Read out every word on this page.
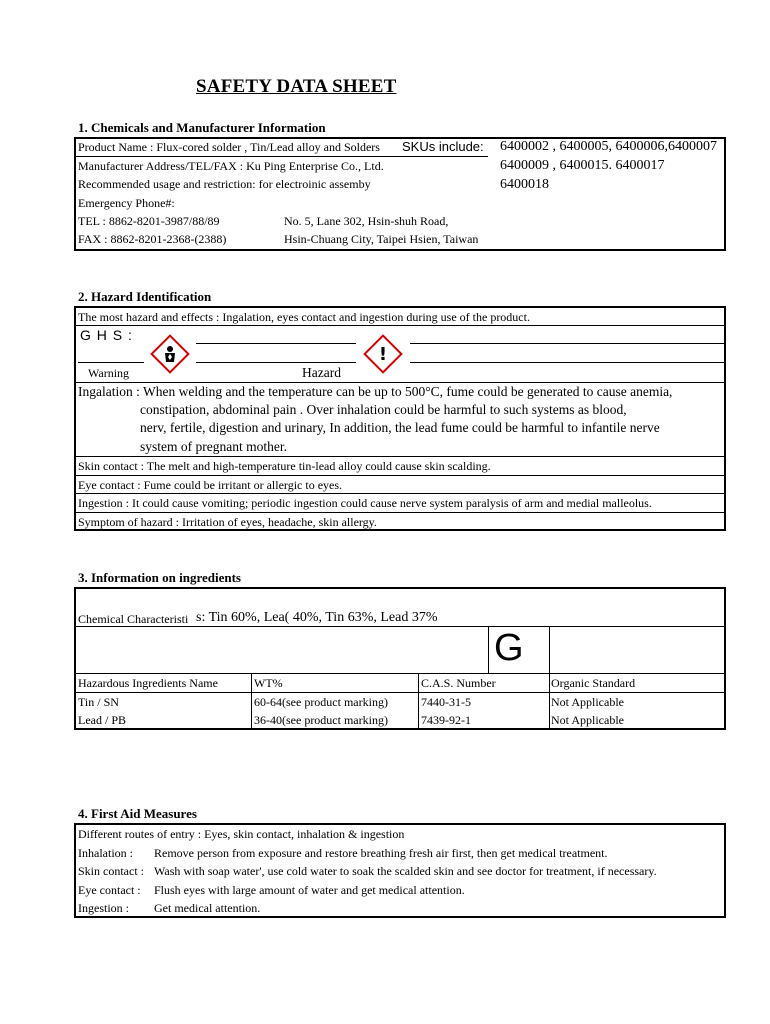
SAFETY DATA SHEET
1. Chemicals and Manufacturer Information
Product Name : Flux-cored solder , Tin/Lead alloy and Solders SKUs include: 6400002 , 6400005, 6400006,6400007
6400009 , 6400015. 6400017
6400018
Manufacturer Address/TEL/FAX : Ku Ping Enterprise Co., Ltd.
Recommended usage and restriction: for electroinic assemby
Emergency Phone#:
TEL : 8862-8201-3987/88/89
FAX : 8862-8201-2368-(2388)
No. 5, Lane 302, Hsin-shuh Road,
Hsin-Chuang City, Taipei Hsien, Taiwan
2. Hazard Identification
The most hazard and effects : Ingalation, eyes contact and ingestion during use of the product.
G H S :
!
Warning	Hazard
Ingalation : When welding and the temperature can be up to 500°C, fume could be generated to cause anemia,
constipation, abdominal pain . Over inhalation could be harmful to such systems as blood,
nerv, fertile, digestion and urinary, In addition, the lead fume could be harmful to infantile nerve
system of pregnant mother.
Skin contact : The melt and high-temperature tin-lead alloy could cause skin scalding.
Eye contact : Fume could be irritant or allergic to eyes.
Ingestion : It could cause vomiting; periodic ingestion could cause nerve system paralysis of arm and medial malleolus.
Symptom of hazard : Irritation of eyes, headache, skin allergy.
3. Information on ingredients
Chemical Characteristi s: Tin 60%, Lea( 40%, Tin 63%, Lead 37%
G
Hazardous Ingredients Name	WT%	C.A.S. Number	Organic Standard
Tin / SN	60-64(see product marking)	7440-31-5	Not Applicable
Lead / PB	36-40(see product marking)	7439-92-1	Not Applicable
4. First Aid Measures
Different routes of entry : Eyes, skin contact, inhalation & ingestion
Inhalation : Remove person from exposure and restore breathing fresh air first, then get medical treatment.
Skin contact : Wash with soap water', use cold water to soak the scalded skin and see doctor for treatment, if necessary.
Eye contact : Flush eyes with large amount of water and get medical attention.
Ingestion : Get medical attention.
